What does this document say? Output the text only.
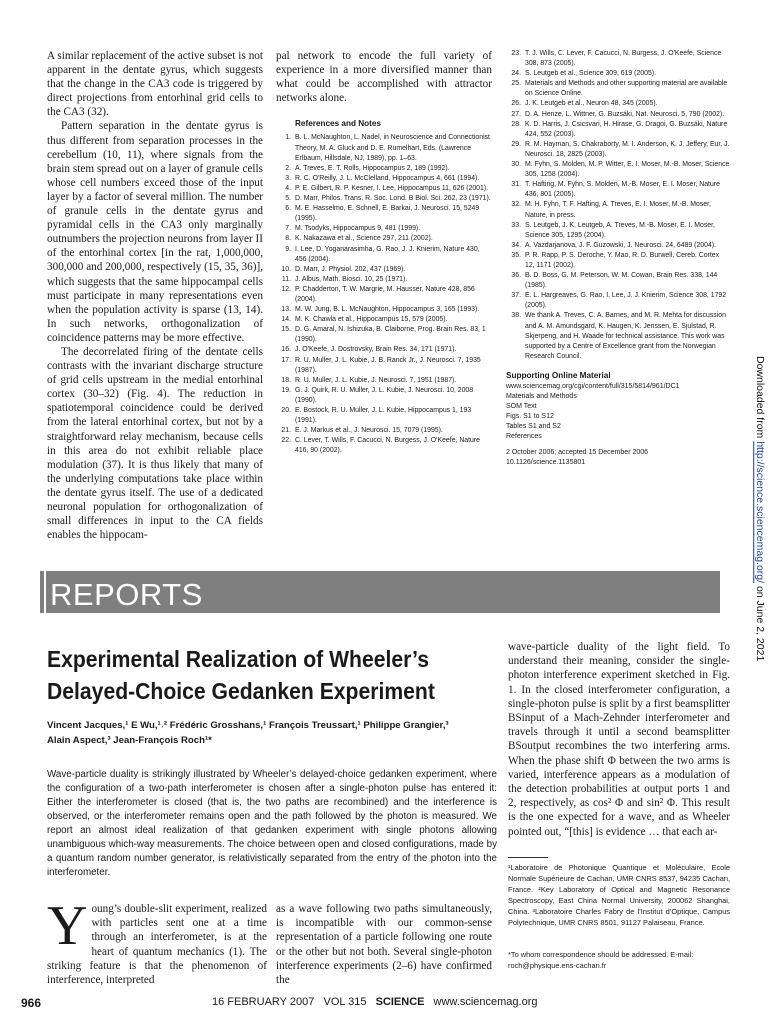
A similar replacement of the active subset is not apparent in the dentate gyrus, which suggests that the change in the CA3 code is triggered by direct projections from entorhinal grid cells to the CA3 (32).

Pattern separation in the dentate gyrus is thus different from separation processes in the cerebellum (10, 11), where signals from the brain stem spread out on a layer of granule cells whose cell numbers exceed those of the input layer by a factor of several million. The number of granule cells in the dentate gyrus and pyramidal cells in the CA3 only marginally outnumbers the projection neurons from layer II of the entorhinal cortex [in the rat, 1,000,000, 300,000 and 200,000, respectively (15, 35, 36)], which suggests that the same hippocampal cells must participate in many representations even when the population activity is sparse (13, 14). In such networks, orthogonalization of coincidence patterns may be more effective.

The decorrelated firing of the dentate cells contrasts with the invariant discharge structure of grid cells upstream in the medial entorhinal cortex (30–32) (Fig. 4). The reduction in spatiotemporal coincidence could be derived from the lateral entorhinal cortex, but not by a straightforward relay mechanism, because cells in this area do not exhibit reliable place modulation (37). It is thus likely that many of the underlying computations take place within the dentate gyrus itself. The use of a dedicated neuronal population for orthogonalization of small differences in input to the CA fields enables the hippocam-

pal network to encode the full variety of experience in a more diversified manner than what could be accomplished with attractor networks alone.

References and Notes
1. B. L. McNaughton, L. Nadel, in Neuroscience and Connectionist Theory, M. A. Gluck and D. E. Rumelhart, Eds. (Lawrence Erlbaum, Hillsdale, NJ, 1989), pp. 1–63.
2. A. Treves, E. T. Rolls, Hippocampus 2, 189 (1992).
3. R. C. O'Reilly, J. L. McClelland, Hippocampus 4, 661 (1994).
4. P. E. Gilbert, R. P. Kesner, I. Lee, Hippocampus 11, 626 (2001).
5. D. Marr, Philos. Trans. R. Soc. Lond. B Biol. Sci. 262, 23 (1971).
6. M. E. Hasselmo, E. Schnell, E. Barkai, J. Neurosci. 15, 5249 (1995).
7. M. Tsodyks, Hippocampus 9, 481 (1999).
8. K. Nakazawa et al., Science 297, 211 (2002).
9. I. Lee, D. Yoganarasimha, G. Rao, J. J. Knierim, Nature 430, 456 (2004).
10. D. Marr, J. Physiol. 202, 437 (1969).
11. J. Albus, Math. Biosci. 10, 25 (1971).
12. P. Chadderton, T. W. Margrie, M. Hausser, Nature 428, 856 (2004).
13. M. W. Jung, B. L. McNaughton, Hippocampus 3, 165 (1993).
14. M. K. Chawla et al., Hippocampus 15, 579 (2005).
15. D. G. Amaral, N. Ishizuka, B. Claiborne, Prog. Brain Res. 83, 1 (1990).
16. J. O'Keefe, J. Dostrovsky, Brain Res. 34, 171 (1971).
17. R. U. Muller, J. L. Kubie, J. B. Ranck Jr., J. Neurosci. 7, 1935 (1987).
18. R. U. Muller, J. L. Kubie, J. Neurosci. 7, 1951 (1987).
19. G. J. Quirk, R. U. Muller, J. L. Kubie, J. Neurosci. 10, 2008 (1990).
20. E. Bostock, R. U. Muller, J. L. Kubie, Hippocampus 1, 193 (1991).
21. E. J. Markus et al., J. Neurosci. 15, 7079 (1995).
22. C. Lever, T. Wills, F. Cacucci, N. Burgess, J. O'Keefe, Nature 416, 90 (2002).
23. T. J. Wills, C. Lever, F. Cacucci, N. Burgess, J. O'Keefe, Science 308, 873 (2005).
24. S. Leutgeb et al., Science 309, 619 (2005).
25. Materials and Methods and other supporting material are available on Science Online.
26. J. K. Leutgeb et al., Neuron 48, 345 (2005).
27. D. A. Henze, L. Wittner, G. Buzsáki, Nat. Neurosci. 5, 790 (2002).
28. K. D. Harris, J. Csicsvari, H. Hirase, G. Dragoi, G. Buzsáki, Nature 424, 552 (2003).
29. R. M. Hayman, S. Chakraborty, M. I. Anderson, K. J. Jeffery, Eur. J. Neurosci. 18, 2825 (2003).
30. M. Fyhn, S. Molden, M. P. Witter, E. I. Moser, M.-B. Moser, Science 305, 1258 (2004).
31. T. Hafting, M. Fyhn, S. Molden, M.-B. Moser, E. I. Moser, Nature 436, 801 (2005).
32. M. H. Fyhn, T. F. Hafting, A. Treves, E. I. Moser, M.-B. Moser, Nature, in press.
33. S. Leutgeb, J. K. Leutgeb, A. Treves, M.-B. Moser, E. I. Moser, Science 305, 1295 (2004).
34. A. Vazdarjanova, J. F. Guzowski, J. Neurosci. 24, 6489 (2004).
35. P. R. Rapp, P. S. Deroche, Y. Mao, R. D. Burwell, Cereb. Cortex 12, 1171 (2002).
36. B. D. Boss, G. M. Peterson, W. M. Cowan, Brain Res. 338, 144 (1985).
37. E. L. Hargreaves, G. Rao, I. Lee, J. J. Knierim, Science 308, 1792 (2005).
38. We thank A. Treves, C. A. Barnes, and M. R. Mehta for discussion and A. M. Amundsgard, K. Haugen, K. Jenssen, E. Sjulstad, R. Skjerpeng, and H. Waade for technical assistance. This work was supported by a Centre of Excellence grant from the Norwegian Research Council.
Supporting Online Material
www.sciencemag.org/cgi/content/full/315/5814/961/DC1
Materials and Methods
SOM Text
Figs. S1 to S12
Tables S1 and S2
References
2 October 2006; accepted 15 December 2006
10.1126/science.1135801
Downloaded from http://science.sciencemag.org/ on June 2, 2021
REPORTS
Experimental Realization of Wheeler’s
Delayed-Choice Gedanken Experiment
Vincent Jacques,¹ E Wu,¹˒² Frédéric Grosshans,¹ François Treussart,¹ Philippe Grangier,³
Alain Aspect,³ Jean-François Roch¹*

Wave-particle duality is strikingly illustrated by Wheeler’s delayed-choice gedanken experiment, where the configuration of a two-path interferometer is chosen after a single-photon pulse has entered it: Either the interferometer is closed (that is, the two paths are recombined) and the interference is observed, or the interferometer remains open and the path followed by the photon is measured. We report an almost ideal realization of that gedanken experiment with single photons allowing unambiguous which-way measurements. The choice between open and closed configurations, made by a quantum random number generator, is relativistically separated from the entry of the photon into the interferometer.

Young’s double-slit experiment, realized with particles sent one at a time through an interferometer, is at the heart of quantum mechanics (1). The striking feature is that the phenomenon of interference, interpreted

as a wave following two paths simultaneously, is incompatible with our common-sense representation of a particle following one route or the other but not both. Several single-photon interference experiments (2–6) have confirmed the

wave-particle duality of the light field. To understand their meaning, consider the single-photon interference experiment sketched in Fig. 1. In the closed interferometer configuration, a single-photon pulse is split by a first beamsplitter BSinput of a Mach-Zehnder interferometer and travels through it until a second beamsplitter BSoutput recombines the two interfering arms. When the phase shift Φ between the two arms is varied, interference appears as a modulation of the detection probabilities at output ports 1 and 2, respectively, as cos² Φ and sin² Φ. This result is the one expected for a wave, and as Wheeler pointed out, “[this] is evidence … that each ar-

¹Laboratoire de Photonique Quantique et Moléculaire, Ecole Normale Supérieure de Cachan, UMR CNRS 8537, 94235 Cachan, France. ²Key Laboratory of Optical and Magnetic Resonance Spectroscopy, East China Normal University, 200062 Shanghai, China. ³Laboratoire Charles Fabry de l’Institut d’Optique, Campus Polytechnique, UMR CNRS 8501, 91127 Palaiseau, France.

*To whom correspondence should be addressed. E-mail: roch@physique.ens-cachan.fr

966	16 FEBRUARY 2007 VOL 315 SCIENCE www.sciencemag.org
